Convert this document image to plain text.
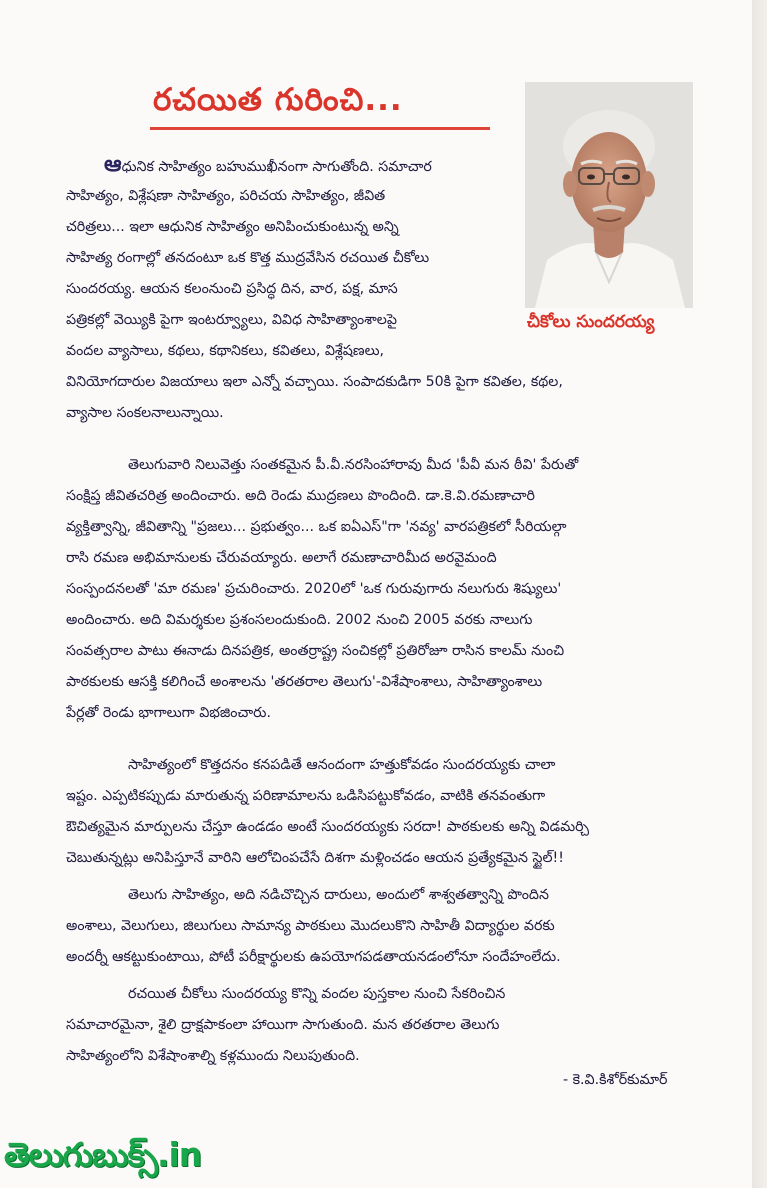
రచయిత గురించి...
చీకోలు సుందరయ్య
ఆధునిక సాహిత్యం బహుముఖీనంగా సాగుతోంది. సమాచార
సాహిత్యం, విశ్లేషణా సాహిత్యం, పరిచయ సాహిత్యం, జీవిత
చరిత్రలు... ఇలా ఆధునిక సాహిత్యం అనిపించుకుంటున్న అన్ని
సాహిత్య రంగాల్లో తనదంటూ ఒక కొత్త ముద్రవేసిన రచయిత చీకోలు
సుందరయ్య. ఆయన కలంనుంచి ప్రసిద్ధ దిన, వార, పక్ష, మాస
పత్రికల్లో వెయ్యికి పైగా ఇంటర్వ్యూలు, వివిధ సాహిత్యాంశాలపై
వందల వ్యాసాలు, కథలు, కథానికలు, కవితలు, విశ్లేషణలు,
వినియోగదారుల విజయాలు ఇలా ఎన్నో వచ్చాయి. సంపాదకుడిగా 50కి పైగా కవితల, కథల,
వ్యాసాల సంకలనాలున్నాయి.
తెలుగువారి నిలువెత్తు సంతకమైన పీ.వీ.నరసింహారావు మీద 'పీవీ మన ఠీవి' పేరుతో
సంక్షిప్త జీవితచరిత్ర అందించారు. అది రెండు ముద్రణలు పొందింది. డా.కె.వి.రమణాచారి
వ్యక్తిత్వాన్ని, జీవితాన్ని "ప్రజలు... ప్రభుత్వం... ఒక ఐఏఎస్"గా 'నవ్య' వారపత్రికలో సీరియల్గా
రాసి రమణ అభిమానులకు చేరువయ్యారు. అలాగే రమణాచారిమీద అరవైమంది
సంస్పందనలతో 'మా రమణ' ప్రచురించారు. 2020లో 'ఒక గురువుగారు నలుగురు శిష్యులు'
అందించారు. అది విమర్శకుల ప్రశంసలందుకుంది. 2002 నుంచి 2005 వరకు నాలుగు
సంవత్సరాల పాటు ఈనాడు దినపత్రిక, అంతర్రాష్ట్ర సంచికల్లో ప్రతిరోజూ రాసిన కాలమ్ నుంచి
పాఠకులకు ఆసక్తి కలిగించే అంశాలను 'తరతరాల తెలుగు'-విశేషాంశాలు, సాహిత్యాంశాలు
పేర్లతో రెండు భాగాలుగా విభజించారు.
సాహిత్యంలో కొత్తదనం కనపడితే ఆనందంగా హత్తుకోవడం సుందరయ్యకు చాలా
ఇష్టం. ఎప్పటికప్పుడు మారుతున్న పరిణామాలను ఒడిసిపట్టుకోవడం, వాటికి తనవంతుగా
ఔచిత్యమైన మార్పులను చేస్తూ ఉండడం అంటే సుందరయ్యకు సరదా! పాఠకులకు అన్ని విడమర్చి
చెబుతున్నట్లు అనిపిస్తూనే వారిని ఆలోచింపచేసే దిశగా మళ్లించడం ఆయన ప్రత్యేకమైన స్టైల్!!
తెలుగు సాహిత్యం, అది నడిచొచ్చిన దారులు, అందులో శాశ్వతత్వాన్ని పొందిన
అంశాలు, వెలుగులు, జిలుగులు సామాన్య పాఠకులు మొదలుకొని సాహితీ విద్యార్థుల వరకు
అందర్నీ ఆకట్టుకుంటాయి, పోటీ పరీక్షార్థులకు ఉపయోగపడతాయనడంలోనూ సందేహంలేదు.
రచయిత చీకోలు సుందరయ్య కొన్ని వందల పుస్తకాల నుంచి సేకరించిన
సమాచారమైనా, శైలి ద్రాక్షపాకంలా హాయిగా సాగుతుంది. మన తరతరాల తెలుగు
సాహిత్యంలోని విశేషాంశాల్ని కళ్లముందు నిలుపుతుంది.
- కె.వి.కిశోర్‌కుమార్
తెలుగుబుక్స్.in
